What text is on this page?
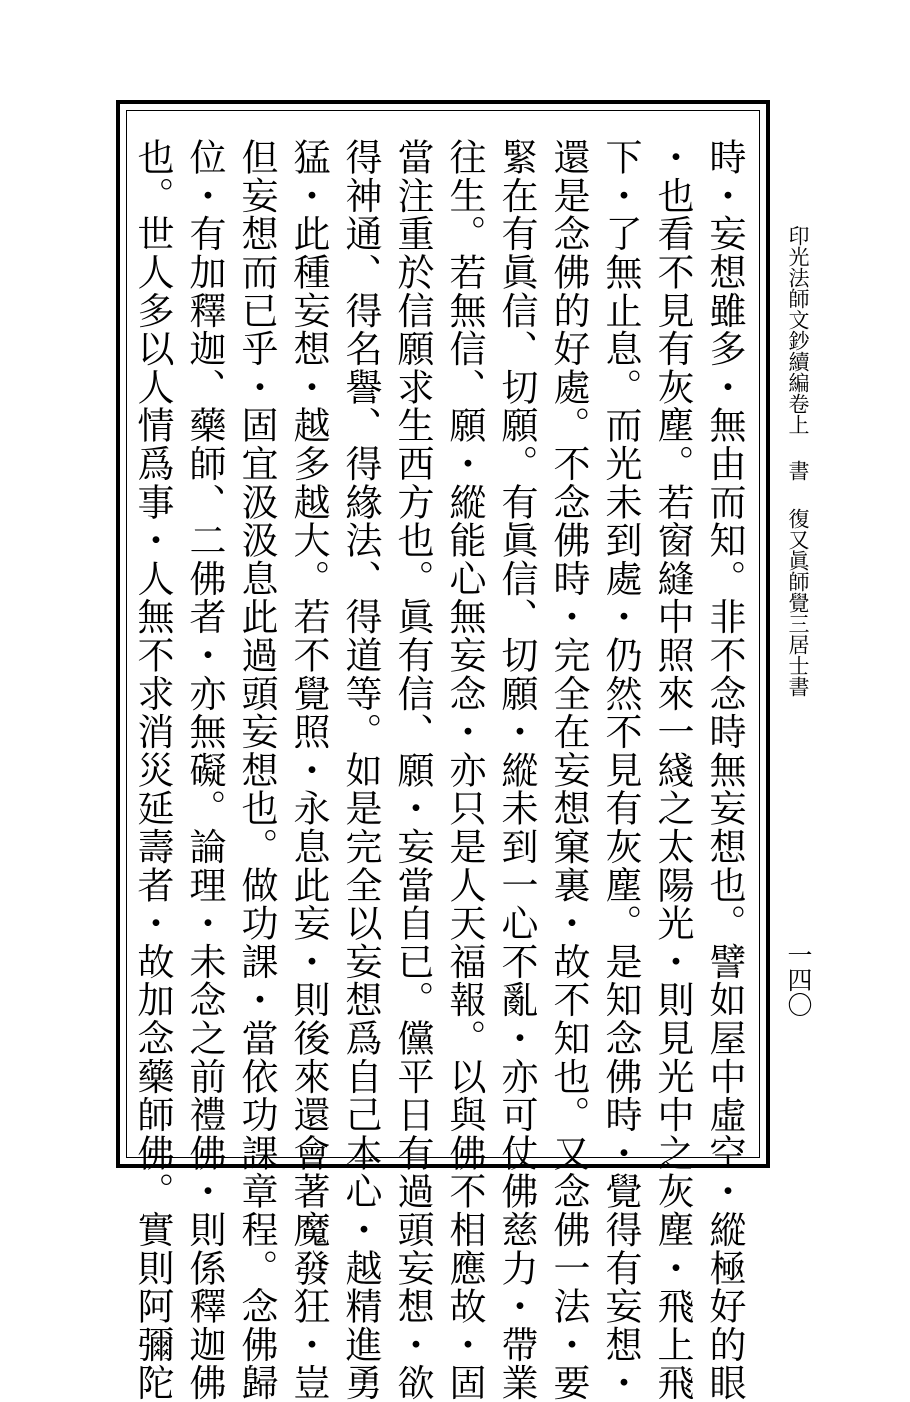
時・妄想雖多・無由而知。非不念時無妄想也。譬如屋中虛空・縱極好的眼
・也看不見有灰塵。若窗縫中照來一綫之太陽光・則見光中之灰塵・飛上飛
下・了無止息。而光未到處・仍然不見有灰塵。是知念佛時・覺得有妄想・
還是念佛的好處。不念佛時・完全在妄想窠裏・故不知也。又念佛一法・要
緊在有眞信、切願。有眞信、切願・縱未到一心不亂・亦可仗佛慈力・帶業
往生。若無信、願・縱能心無妄念・亦只是人天福報。以與佛不相應故・固
當注重於信願求生西方也。眞有信、願・妄當自已。儻平日有過頭妄想・欲
得神通、得名譽、得緣法、得道等。如是完全以妄想爲自己本心・越精進勇
猛・此種妄想・越多越大。若不覺照・永息此妄・則後來還會著魔發狂・豈
但妄想而已乎・固宜汲汲息此過頭妄想也。做功課・當依功課章程。念佛歸
位・有加釋迦、藥師、二佛者・亦無礙。論理・未念之前禮佛・則係釋迦佛
也。世人多以人情爲事・人無不求消災延壽者・故加念藥師佛。實則阿彌陀	印光法師文鈔續編卷上
書
復又眞師覺三居士書
一四〇
